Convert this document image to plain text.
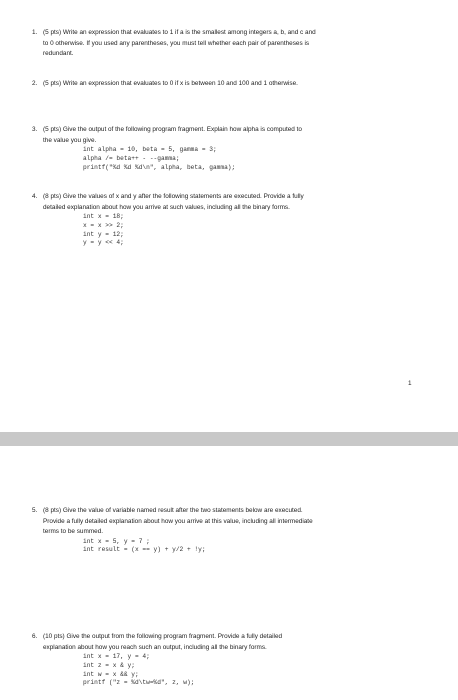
1. (5 pts) Write an expression that evaluates to 1 if a is the smallest among integers a, b, and c and
to 0 otherwise. If you used any parentheses, you must tell whether each pair of parentheses is
redundant.
2. (5 pts) Write an expression that evaluates to 0 if x is between 10 and 100 and 1 otherwise.
3. (5 pts) Give the output of the following program fragment. Explain how alpha is computed to
the value you give.
int alpha = 10, beta = 5, gamma = 3;
alpha /= beta++ - --gamma;
printf("%d %d %d\n", alpha, beta, gamma);
4. (8 pts) Give the values of x and y after the following statements are executed. Provide a fully
detailed explanation about how you arrive at such values, including all the binary forms.
int x = 18;
x = x >> 2;
int y = 12;
y = y << 4;
1
5. (8 pts) Give the value of variable named result after the two statements below are executed.
Provide a fully detailed explanation about how you arrive at this value, including all intermediate
terms to be summed.
int x = 5, y = 7 ;
int result = (x == y) + y/2 + !y;
6. (10 pts) Give the output from the following program fragment. Provide a fully detailed
explanation about how you reach such an output, including all the binary forms.
int x = 17, y = 4;
int z = x & y;
int w = x && y;
printf ("z = %d\tw=%d", z, w);
